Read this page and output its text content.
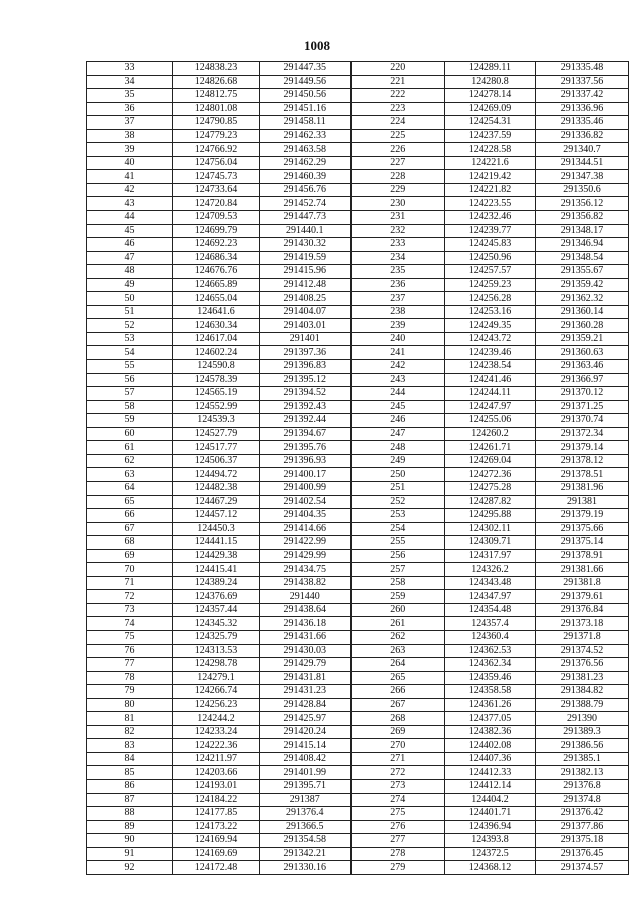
1008
33	124838.23	291447.35	220	124289.11	291335.48
34	124826.68	291449.56	221	124280.8	291337.56
35	124812.75	291450.56	222	124278.14	291337.42
36	124801.08	291451.16	223	124269.09	291336.96
37	124790.85	291458.11	224	124254.31	291335.46
38	124779.23	291462.33	225	124237.59	291336.82
39	124766.92	291463.58	226	124228.58	291340.7
40	124756.04	291462.29	227	124221.6	291344.51
41	124745.73	291460.39	228	124219.42	291347.38
42	124733.64	291456.76	229	124221.82	291350.6
43	124720.84	291452.74	230	124223.55	291356.12
44	124709.53	291447.73	231	124232.46	291356.82
45	124699.79	291440.1	232	124239.77	291348.17
46	124692.23	291430.32	233	124245.83	291346.94
47	124686.34	291419.59	234	124250.96	291348.54
48	124676.76	291415.96	235	124257.57	291355.67
49	124665.89	291412.48	236	124259.23	291359.42
50	124655.04	291408.25	237	124256.28	291362.32
51	124641.6	291404.07	238	124253.16	291360.14
52	124630.34	291403.01	239	124249.35	291360.28
53	124617.04	291401	240	124243.72	291359.21
54	124602.24	291397.36	241	124239.46	291360.63
55	124590.8	291396.83	242	124238.54	291363.46
56	124578.39	291395.12	243	124241.46	291366.97
57	124565.19	291394.52	244	124244.11	291370.12
58	124552.99	291392.43	245	124247.97	291371.25
59	124539.3	291392.44	246	124255.06	291370.74
60	124527.79	291394.67	247	124260.2	291372.34
61	124517.77	291395.76	248	124261.71	291379.14
62	124506.37	291396.93	249	124269.04	291378.12
63	124494.72	291400.17	250	124272.36	291378.51
64	124482.38	291400.99	251	124275.28	291381.96
65	124467.29	291402.54	252	124287.82	291381
66	124457.12	291404.35	253	124295.88	291379.19
67	124450.3	291414.66	254	124302.11	291375.66
68	124441.15	291422.99	255	124309.71	291375.14
69	124429.38	291429.99	256	124317.97	291378.91
70	124415.41	291434.75	257	124326.2	291381.66
71	124389.24	291438.82	258	124343.48	291381.8
72	124376.69	291440	259	124347.97	291379.61
73	124357.44	291438.64	260	124354.48	291376.84
74	124345.32	291436.18	261	124357.4	291373.18
75	124325.79	291431.66	262	124360.4	291371.8
76	124313.53	291430.03	263	124362.53	291374.52
77	124298.78	291429.79	264	124362.34	291376.56
78	124279.1	291431.81	265	124359.46	291381.23
79	124266.74	291431.23	266	124358.58	291384.82
80	124256.23	291428.84	267	124361.26	291388.79
81	124244.2	291425.97	268	124377.05	291390
82	124233.24	291420.24	269	124382.36	291389.3
83	124222.36	291415.14	270	124402.08	291386.56
84	124211.97	291408.42	271	124407.36	291385.1
85	124203.66	291401.99	272	124412.33	291382.13
86	124193.01	291395.71	273	124412.14	291376.8
87	124184.22	291387	274	124404.2	291374.8
88	124177.85	291376.4	275	124401.71	291376.42
89	124173.22	291366.5	276	124396.94	291377.86
90	124169.94	291354.58	277	124393.8	291375.18
91	124169.69	291342.21	278	124372.5	291376.45
92	124172.48	291330.16	279	124368.12	291374.57
